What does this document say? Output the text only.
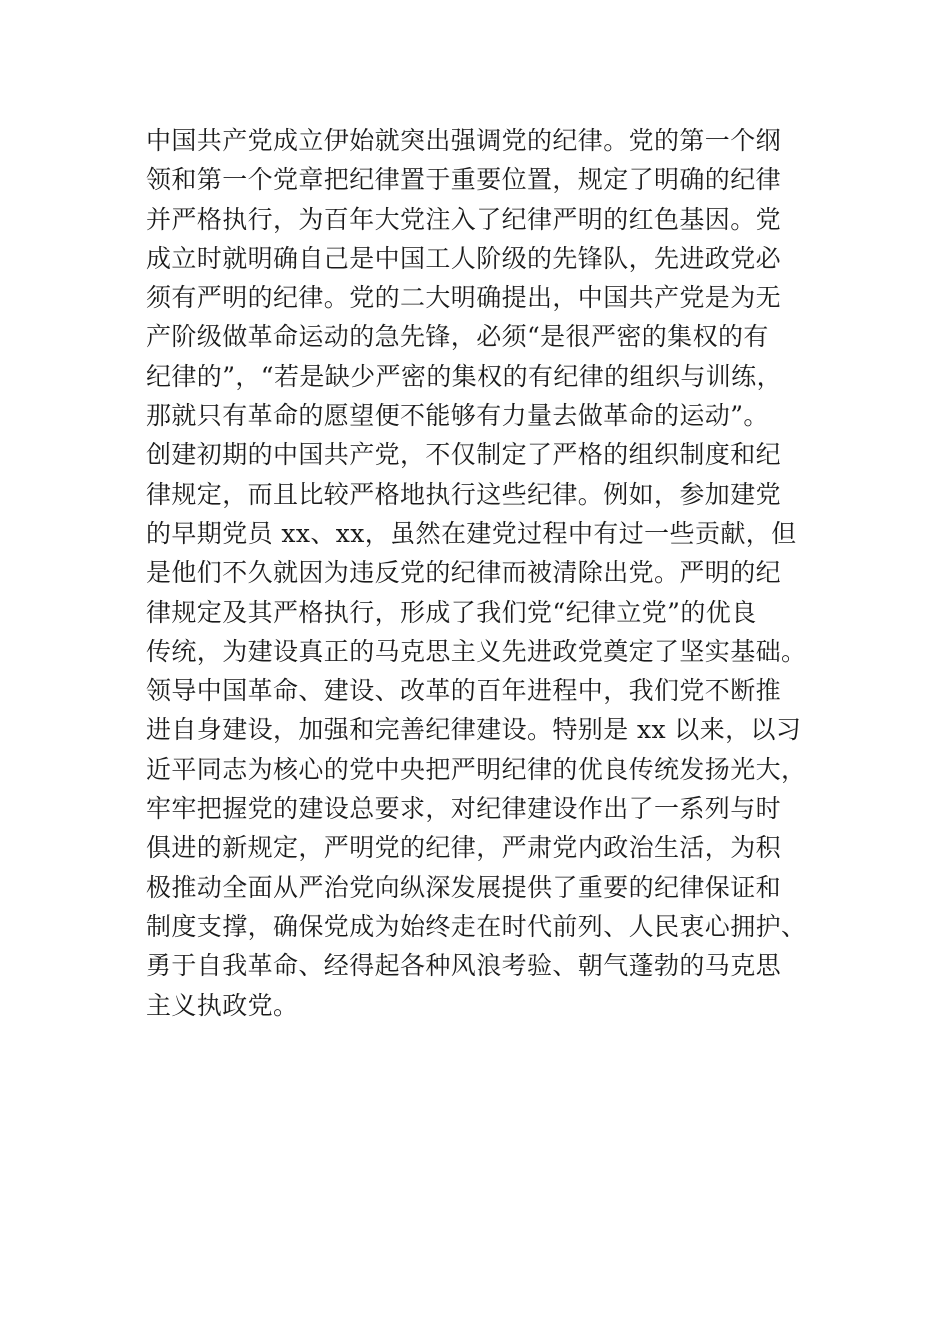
中国共产党成立伊始就突出强调党的纪律。党的第一个纲
领和第一个党章把纪律置于重要位置，规定了明确的纪律
并严格执行，为百年大党注入了纪律严明的红色基因。党
成立时就明确自己是中国工人阶级的先锋队，先进政党必
须有严明的纪律。党的二大明确提出，中国共产党是为无
产阶级做革命运动的急先锋，必须“是很严密的集权的有
纪律的”，“若是缺少严密的集权的有纪律的组织与训练，
那就只有革命的愿望便不能够有力量去做革命的运动”。
创建初期的中国共产党，不仅制定了严格的组织制度和纪
律规定，而且比较严格地执行这些纪律。例如，参加建党
的早期党员 xx、xx，虽然在建党过程中有过一些贡献，但
是他们不久就因为违反党的纪律而被清除出党。严明的纪
律规定及其严格执行，形成了我们党“纪律立党”的优良
传统，为建设真正的马克思主义先进政党奠定了坚实基础。
领导中国革命、建设、改革的百年进程中，我们党不断推
进自身建设，加强和完善纪律建设。特别是 xx 以来，以习
近平同志为核心的党中央把严明纪律的优良传统发扬光大，
牢牢把握党的建设总要求，对纪律建设作出了一系列与时
俱进的新规定，严明党的纪律，严肃党内政治生活，为积
极推动全面从严治党向纵深发展提供了重要的纪律保证和
制度支撑，确保党成为始终走在时代前列、人民衷心拥护、
勇于自我革命、经得起各种风浪考验、朝气蓬勃的马克思
主义执政党。
